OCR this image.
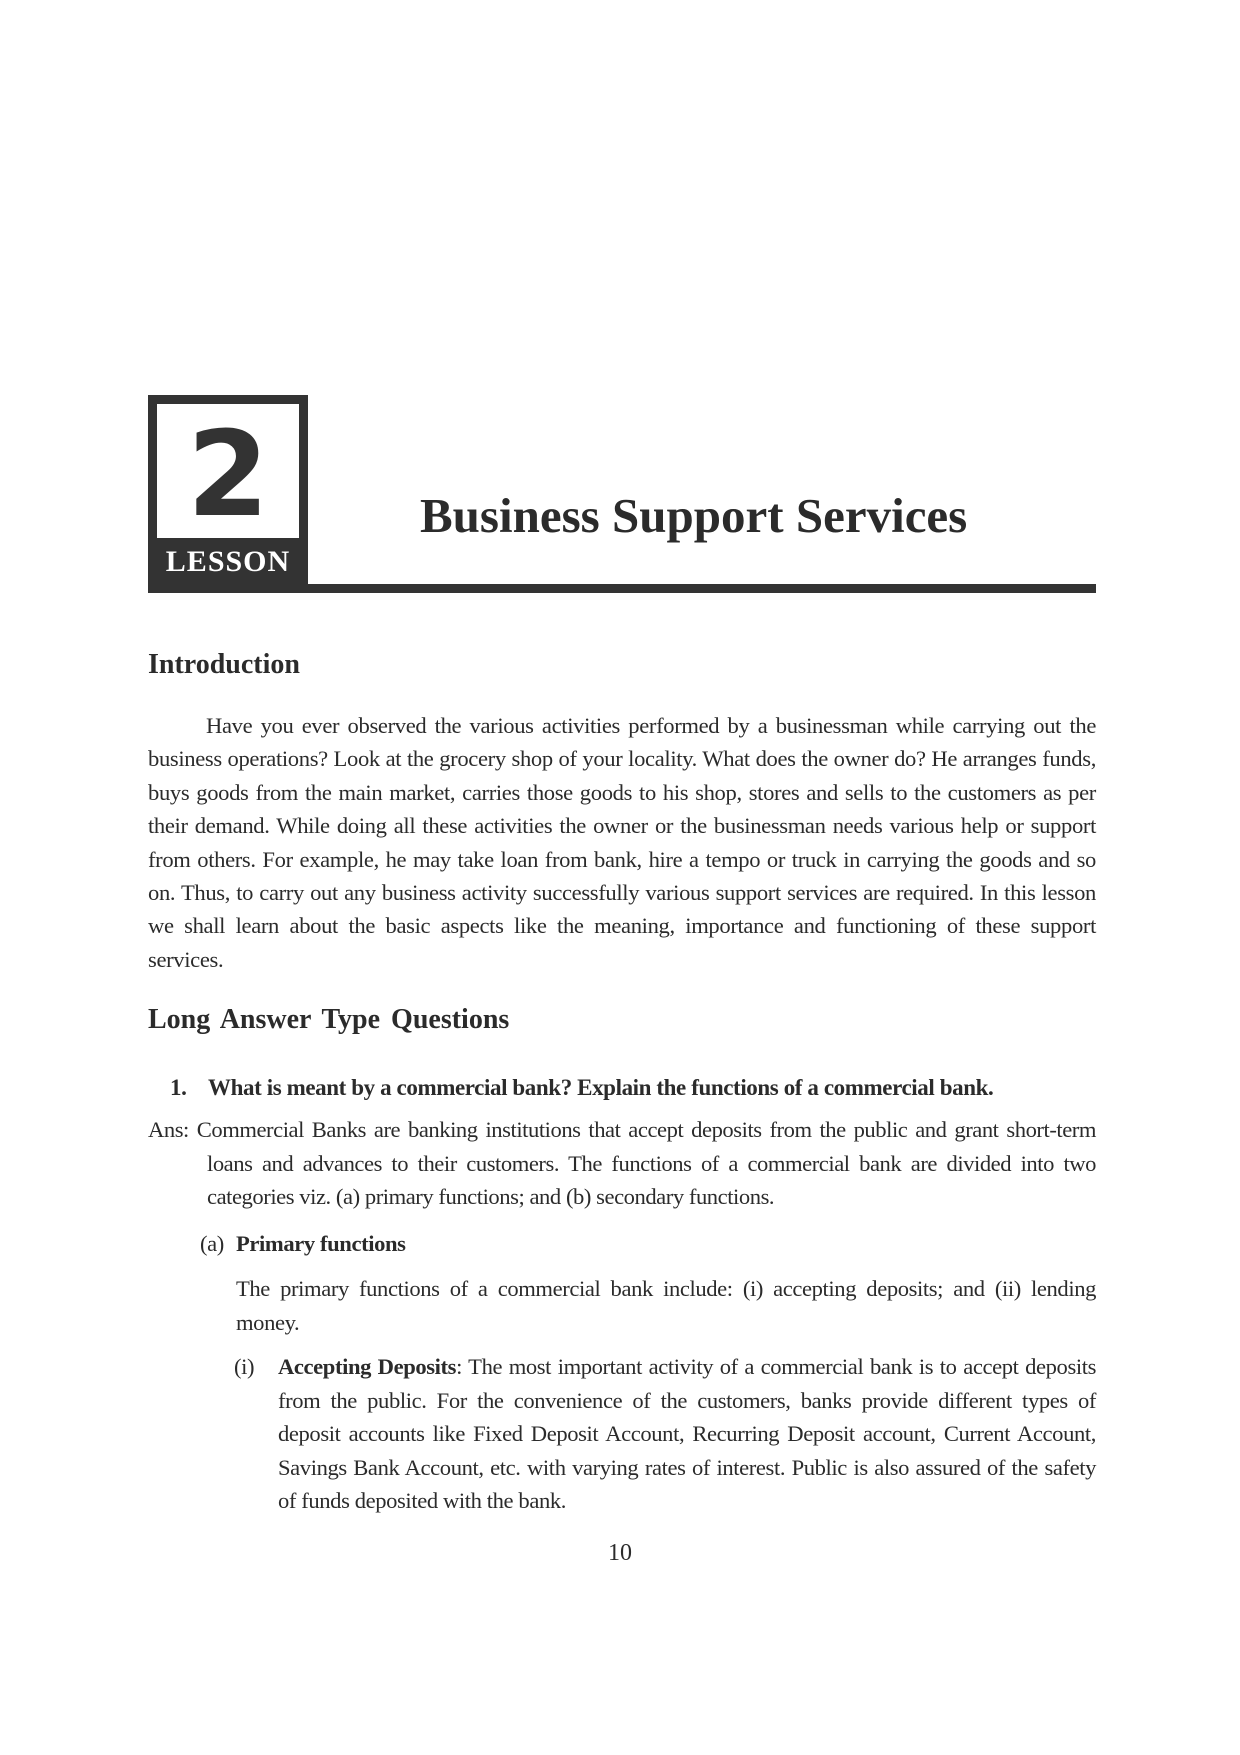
2
LESSON
Business Support Services
Introduction

Have you ever observed the various activities performed by a businessman while carrying out the business operations? Look at the grocery shop of your locality. What does the owner do? He arranges funds, buys goods from the main market, carries those goods to his shop, stores and sells to the customers as per their demand. While doing all these activities the owner or the businessman needs various help or support from others. For example, he may take loan from bank, hire a tempo or truck in carrying the goods and so on. Thus, to carry out any business activity successfully various support services are required. In this lesson we shall learn about the basic aspects like the meaning, importance and functioning of these support services.

Long Answer Type Questions

1. What is meant by a commercial bank? Explain the functions of a commercial bank.

Ans: Commercial Banks are banking institutions that accept deposits from the public and grant short-term loans and advances to their customers. The functions of a commercial bank are divided into two categories viz. (a) primary functions; and (b) secondary functions.

(a) Primary functions

The primary functions of a commercial bank include: (i) accepting deposits; and (ii) lending money.

(i) Accepting Deposits: The most important activity of a commercial bank is to accept deposits from the public. For the convenience of the customers, banks provide different types of deposit accounts like Fixed Deposit Account, Recurring Deposit account, Current Account, Savings Bank Account, etc. with varying rates of interest. Public is also assured of the safety of funds deposited with the bank.

10
